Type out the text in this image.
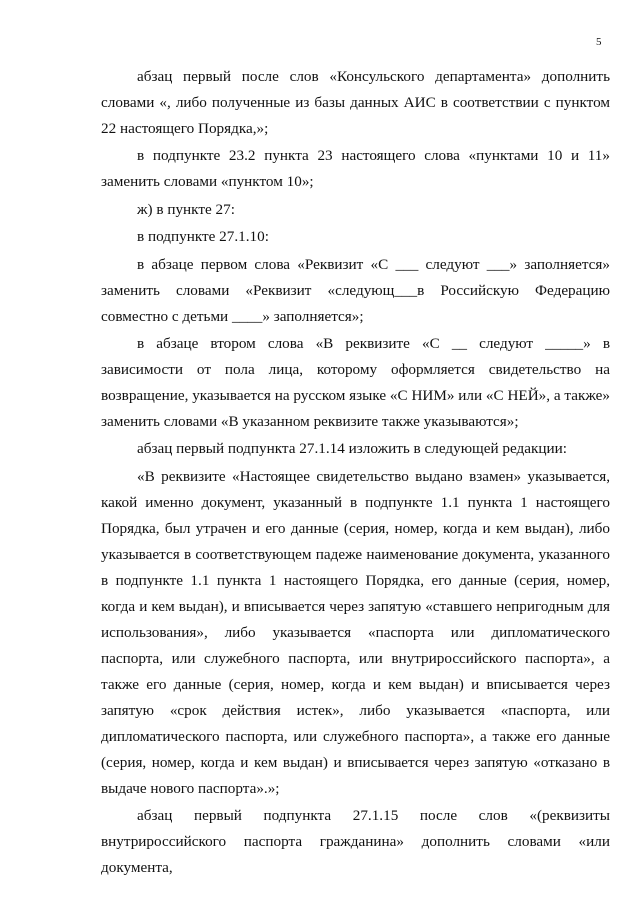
5

абзац первый после слов «Консульского департамента» дополнить словами «, либо полученные из базы данных АИС в соответствии с пунктом 22 настоящего Порядка,»;

в подпункте 23.2 пункта 23 настоящего слова «пунктами 10 и 11» заменить словами «пунктом 10»;

ж) в пункте 27:

в подпункте 27.1.10:

в абзаце первом слова «Реквизит «С ___ следуют ___» заполняется» заменить словами «Реквизит «следующ___в Российскую Федерацию совместно с детьми ____» заполняется»;

в абзаце втором слова «В реквизите «С __ следуют _____» в зависимости от пола лица, которому оформляется свидетельство на возвращение, указывается на русском языке «С НИМ» или «С НЕЙ», а также» заменить словами «В указанном реквизите также указываются»;

абзац первый подпункта 27.1.14 изложить в следующей редакции:

«В реквизите «Настоящее свидетельство выдано взамен» указывается, какой именно документ, указанный в подпункте 1.1 пункта 1 настоящего Порядка, был утрачен и его данные (серия, номер, когда и кем выдан), либо указывается в соответствующем падеже наименование документа, указанного в подпункте 1.1 пункта 1 настоящего Порядка, его данные (серия, номер, когда и кем выдан), и вписывается через запятую «ставшего непригодным для использования», либо указывается «паспорта или дипломатического паспорта, или служебного паспорта, или внутрироссийского паспорта», а также его данные (серия, номер, когда и кем выдан) и вписывается через запятую «срок действия истек», либо указывается «паспорта, или дипломатического паспорта, или служебного паспорта», а также его данные (серия, номер, когда и кем выдан) и вписывается через запятую «отказано в выдаче нового паспорта».»;

абзац первый подпункта 27.1.15 после слов «(реквизиты внутрироссийского паспорта гражданина» дополнить словами «или документа,
